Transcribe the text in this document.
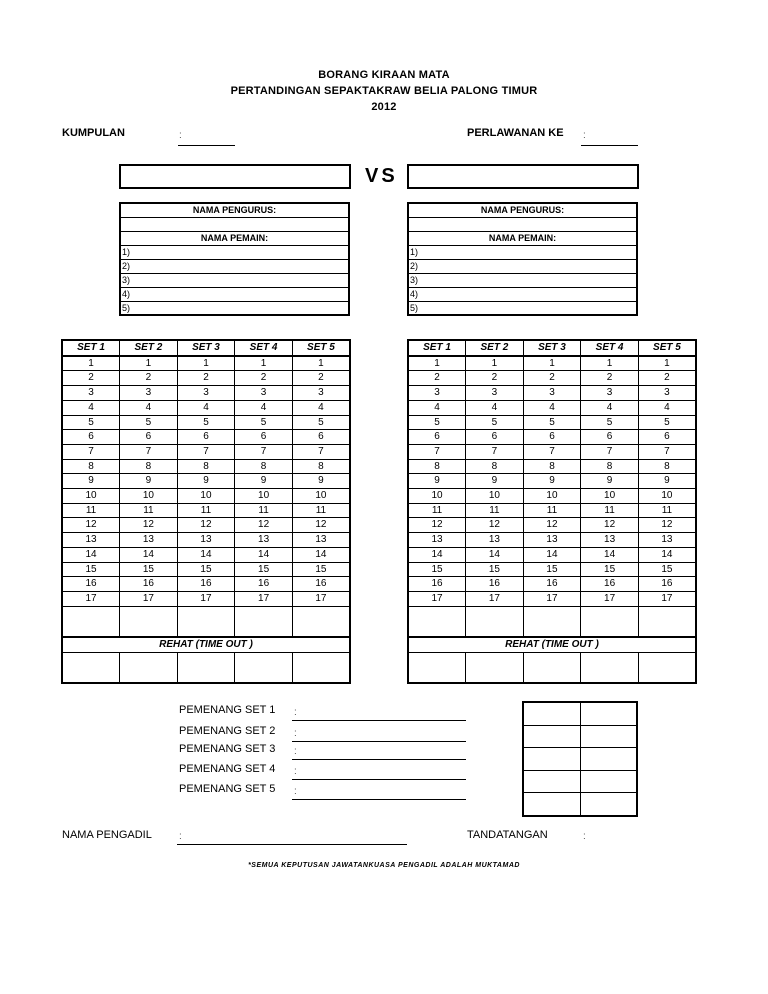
BORANG KIRAAN MATA
PERTANDINGAN SEPAKTAKRAW BELIA PALONG TIMUR
2012
KUMPULAN	:	PERLAWANAN KE :
VS
NAMA PENGURUS:

NAMA PEMAIN:
1)
2)
3)
4)
5)
NAMA PENGURUS:

NAMA PEMAIN:
1)
2)
3)
4)
5)
SET 1	SET 2	SET 3	SET 4	SET 5
1	1	1	1	1
2	2	2	2	2
3	3	3	3	3
4	4	4	4	4
5	5	5	5	5
6	6	6	6	6
7	7	7	7	7
8	8	8	8	8
9	9	9	9	9
10	10	10	10	10
11	11	11	11	11
12	12	12	12	12
13	13	13	13	13
14	14	14	14	14
15	15	15	15	15
16	16	16	16	16
17	17	17	17	17

REHAT (TIME OUT )				

SET 1	SET 2	SET 3	SET 4	SET 5
1	1	1	1	1
2	2	2	2	2
3	3	3	3	3
4	4	4	4	4
5	5	5	5	5
6	6	6	6	6
7	7	7	7	7
8	8	8	8	8
9	9	9	9	9
10	10	10	10	10
11	11	11	11	11
12	12	12	12	12
13	13	13	13	13
14	14	14	14	14
15	15	15	15	15
16	16	16	16	16
17	17	17	17	17

REHAT (TIME OUT )				

PEMENANG SET 1 :
PEMENANG SET 2 :
PEMENANG SET 3 :
PEMENANG SET 4 :
PEMENANG SET 5 :

NAMA PENGADIL	:	TANDATANGAN	:
*SEMUA KEPUTUSAN JAWATANKUASA PENGADIL ADALAH MUKTAMAD
